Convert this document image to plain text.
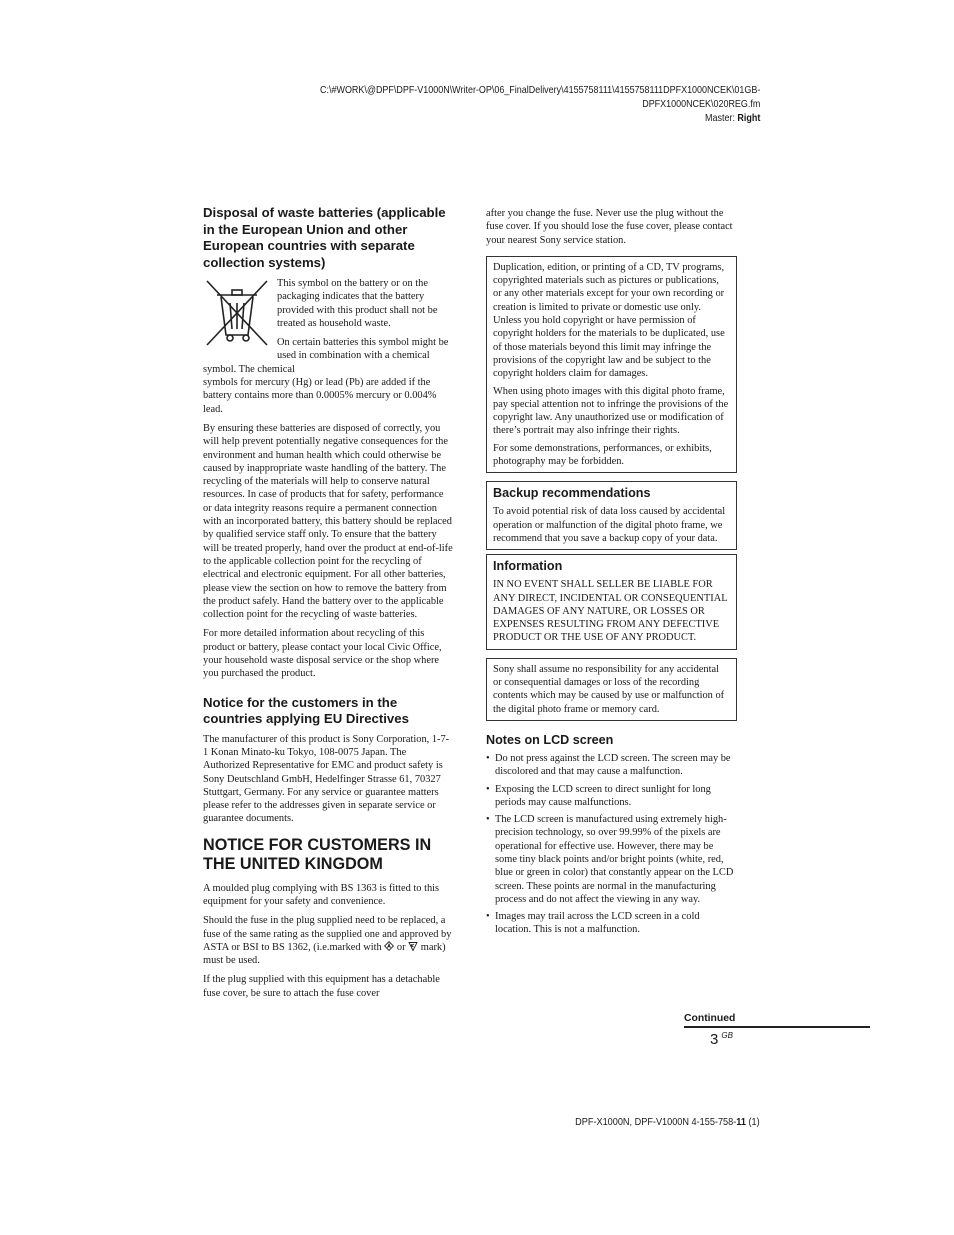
C:\#WORK\@DPF\DPF-V1000N\Writer-OP\06_FinalDelivery\4155758111\4155758111DPFX1000NCEK\01GB-
DPFX1000NCEK\020REG.fm
Master: Right
Disposal of waste batteries (applicable in the European Union and other European countries with separate collection systems)

This symbol on the battery or on the packaging indicates that the battery provided with this product shall not be treated as household waste.

On certain batteries this symbol might be used in combination with a chemical symbol. The chemical

symbols for mercury (Hg) or lead (Pb) are added if the battery contains more than 0.0005% mercury or 0.004% lead.

By ensuring these batteries are disposed of correctly, you will help prevent potentially negative consequences for the environment and human health which could otherwise be caused by inappropriate waste handling of the battery. The recycling of the materials will help to conserve natural resources. In case of products that for safety, performance or data integrity reasons require a permanent connection with an incorporated battery, this battery should be replaced by qualified service staff only. To ensure that the battery will be treated properly, hand over the product at end-of-life to the applicable collection point for the recycling of electrical and electronic equipment. For all other batteries, please view the section on how to remove the battery from the product safely. Hand the battery over to the applicable collection point for the recycling of waste batteries.

For more detailed information about recycling of this product or battery, please contact your local Civic Office, your household waste disposal service or the shop where you purchased the product.

Notice for the customers in the countries applying EU Directives

The manufacturer of this product is Sony Corporation, 1-7-1 Konan Minato-ku Tokyo, 108-0075 Japan. The Authorized Representative for EMC and product safety is Sony Deutschland GmbH, Hedelfinger Strasse 61, 70327 Stuttgart, Germany. For any service or guarantee matters please refer to the addresses given in separate service or guarantee documents.

NOTICE FOR CUSTOMERS IN THE UNITED KINGDOM

A moulded plug complying with BS 1363 is fitted to this equipment for your safety and convenience.

Should the fuse in the plug supplied need to be replaced, a fuse of the same rating as the supplied one and approved by ASTA or BSI to BS 1362, (i.e.marked with  or  mark) must be used.

If the plug supplied with this equipment has a detachable fuse cover, be sure to attach the fuse cover

after you change the fuse. Never use the plug without the fuse cover. If you should lose the fuse cover, please contact your nearest Sony service station.

Duplication, edition, or printing of a CD, TV programs, copyrighted materials such as pictures or publications, or any other materials except for your own recording or creation is limited to private or domestic use only. Unless you hold copyright or have permission of copyright holders for the materials to be duplicated, use of those materials beyond this limit may infringe the provisions of the copyright law and be subject to the copyright holders claim for damages.

When using photo images with this digital photo frame, pay special attention not to infringe the provisions of the copyright law. Any unauthorized use or modification of there’s portrait may also infringe their rights.

For some demonstrations, performances, or exhibits, photography may be forbidden.

Backup recommendations

To avoid potential risk of data loss caused by accidental operation or malfunction of the digital photo frame, we recommend that you save a backup copy of your data.

Information

IN NO EVENT SHALL SELLER BE LIABLE FOR ANY DIRECT, INCIDENTAL OR CONSEQUENTIAL DAMAGES OF ANY NATURE, OR LOSSES OR EXPENSES RESULTING FROM ANY DEFECTIVE PRODUCT OR THE USE OF ANY PRODUCT.

Sony shall assume no responsibility for any accidental or consequential damages or loss of the recording contents which may be caused by use or malfunction of the digital photo frame or memory card.

Notes on LCD screen
• Do not press against the LCD screen. The screen may be discolored and that may cause a malfunction.
• Exposing the LCD screen to direct sunlight for long periods may cause malfunctions.
• The LCD screen is manufactured using extremely high-precision technology, so over 99.99% of the pixels are operational for effective use. However, there may be some tiny black points and/or bright points (white, red, blue or green in color) that constantly appear on the LCD screen. These points are normal in the manufacturing process and do not affect the viewing in any way.
• Images may trail across the LCD screen in a cold location. This is not a malfunction.
Continued
3 $^{GB}$
DPF-X1000N, DPF-V1000N 4-155-758-11 (1)
